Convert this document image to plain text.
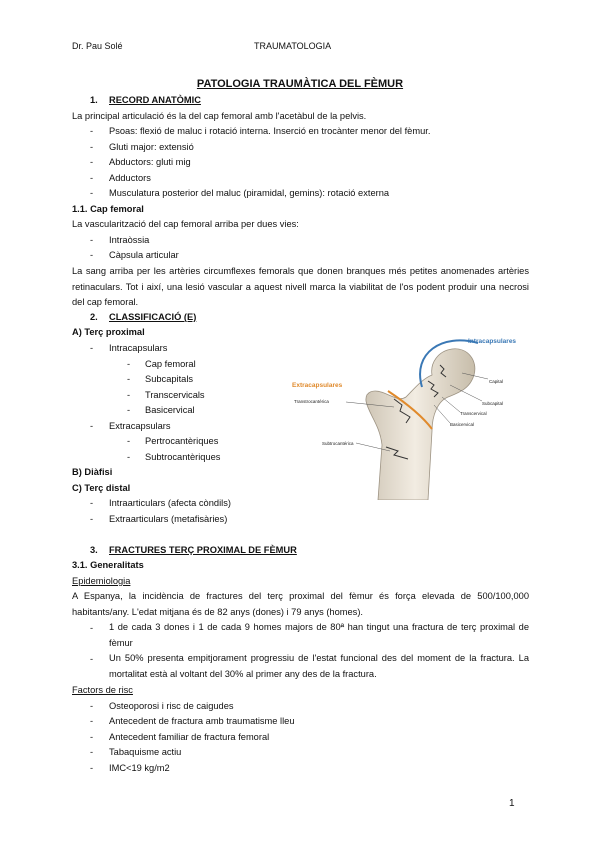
Dr. Pau Solé	TRAUMATOLOGIA
PATOLOGIA TRAUMÀTICA DEL FÈMUR
1. RECORD ANATÒMIC
La principal articulació és la del cap femoral amb l'acetàbul de la pelvis.
-	Psoas: flexió de maluc i rotació interna. Inserció en trocànter menor del fèmur.
-	Gluti major: extensió
-	Abductors: gluti mig
-	Adductors
-	Musculatura posterior del maluc (piramidal, gemins): rotació externa
1.1. Cap femoral
La vascularització del cap femoral arriba per dues vies:
-	Intraòssia
-	Càpsula articular
La sang arriba per les artèries circumflexes femorals que donen branques més petites anomenades artèries retinaculars. Tot i així, una lesió vascular a aquest nivell marca la viabilitat de l'os podent produir una necrosi del cap femoral.
2. CLASSIFICACIÓ (E)
A) Terç proximal
-	Intracapsulars
-	Cap femoral
-	Subcapitals
-	Transcervicals
-	Basicervical
-	Extracapsulars
-	Pertrocantèriques
-	Subtrocantèriques
B) Diàfisi
C) Terç distal
-	Intraarticulars (afecta còndils)
-	Extraarticulars (metafisàries)
Intracapsulares
Extracapsulares
Capital
Subcapital
Transcervical
Basicervical
Transtrocantérica
Subtrocantérica
3. FRACTURES TERÇ PROXIMAL DE FÈMUR
3.1. Generalitats
Epidemiologia
A Espanya, la incidència de fractures del terç proximal del fèmur és força elevada de 500/100,000 habitants/any. L'edat mitjana és de 82 anys (dones) i 79 anys (homes).
-	1 de cada 3 dones i 1 de cada 9 homes majors de 80ª han tingut una fractura de terç proximal de fèmur
-	Un 50% presenta empitjorament progressiu de l'estat funcional des del moment de la fractura. La mortalitat està al voltant del 30% al primer any des de la fractura.
Factors de risc
-	Osteoporosi i risc de caigudes
-	Antecedent de fractura amb traumatisme lleu
-	Antecedent familiar de fractura femoral
-	Tabaquisme actiu
-	IMC<19 kg/m2
1
